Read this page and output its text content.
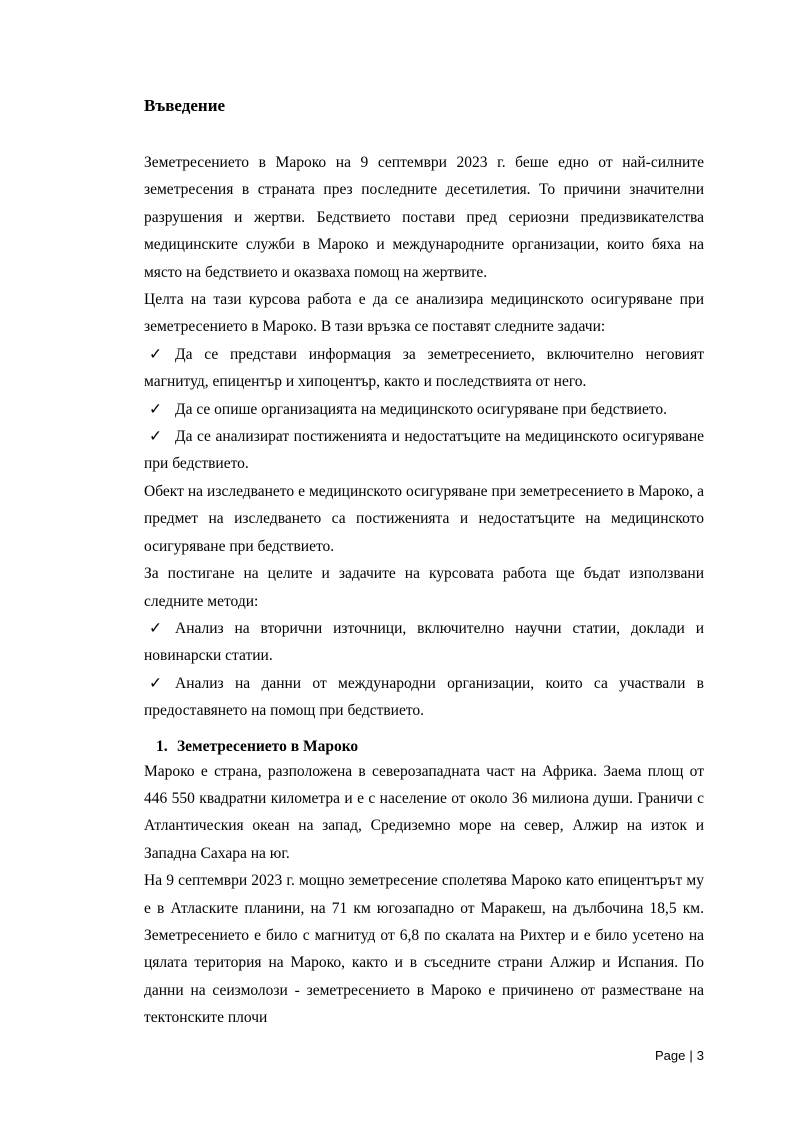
Въведение

Земетресението в Мароко на 9 септември 2023 г. беше едно от най-силните земетресения в страната през последните десетилетия. То причини значителни разрушения и жертви. Бедствието постави пред сериозни предизвикателства медицинските служби в Мароко и международните организации, които бяха на място на бедствието и оказваха помощ на жертвите.

Целта на тази курсова работа е да се анализира медицинското осигуряване при земетресението в Мароко. В тази връзка се поставят следните задачи:

✓ Да се представи информация за земетресението, включително неговият магнитуд, епицентър и хипоцентър, както и последствията от него.

✓ Да се опише организацията на медицинското осигуряване при бедствието.

✓ Да се анализират постиженията и недостатъците на медицинското осигуряване при бедствието.

Обект на изследването е медицинското осигуряване при земетресението в Мароко, а предмет на изследването са постиженията и недостатъците на медицинското осигуряване при бедствието.

За постигане на целите и задачите на курсовата работа ще бъдат използвани следните методи:

✓ Анализ на вторични източници, включително научни статии, доклади и новинарски статии.

✓ Анализ на данни от международни организации, които са участвали в предоставянето на помощ при бедствието.

1. Земетресението в Мароко

Мароко е страна, разположена в северозападната част на Африка. Заема площ от 446 550 квадратни километра и е с население от около 36 милиона души. Граничи с Атлантическия океан на запад, Средиземно море на север, Алжир на изток и Западна Сахара на юг.

На 9 септември 2023 г. мощно земетресение сполетява Мароко като епицентърът му е в Атласките планини, на 71 км югозападно от Маракеш, на дълбочина 18,5 км. Земетресението е било с магнитуд от 6,8 по скалата на Рихтер и е било усетено на цялата територия на Мароко, както и в съседните страни Алжир и Испания. По данни на сеизмолози - земетресението в Мароко е причинено от разместване на тектонските плочи

Page | 3
